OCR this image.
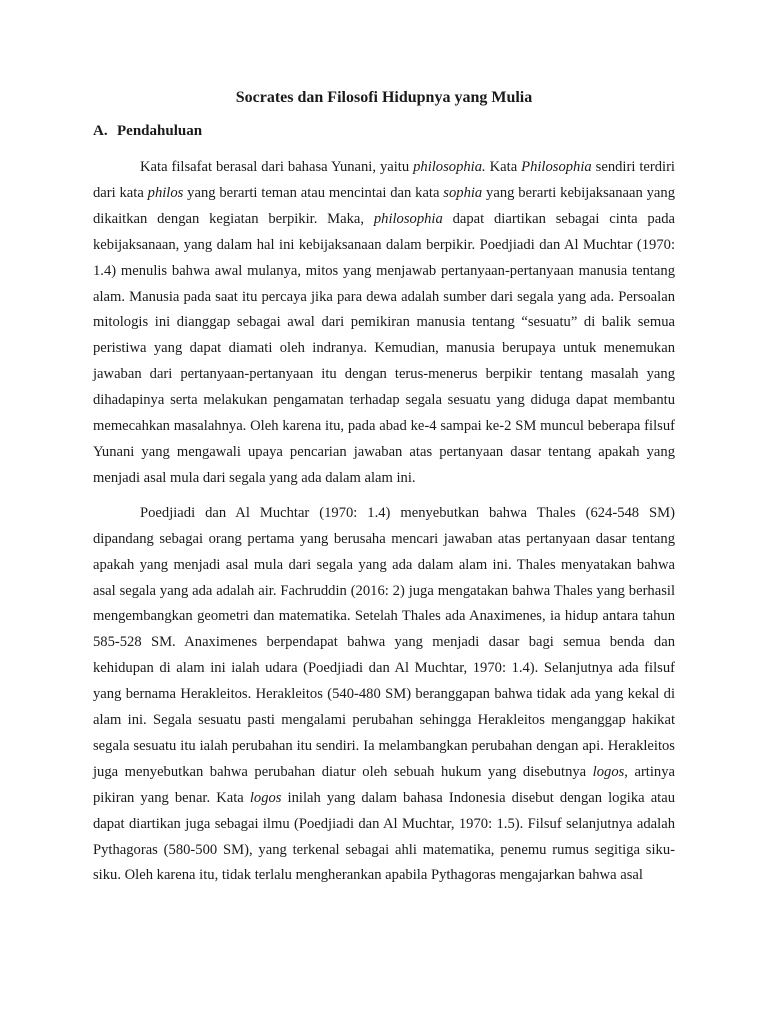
Socrates dan Filosofi Hidupnya yang Mulia
A. Pendahuluan

Kata filsafat berasal dari bahasa Yunani, yaitu philosophia. Kata Philosophia sendiri terdiri dari kata philos yang berarti teman atau mencintai dan kata sophia yang berarti kebijaksanaan yang dikaitkan dengan kegiatan berpikir. Maka, philosophia dapat diartikan sebagai cinta pada kebijaksanaan, yang dalam hal ini kebijaksanaan dalam berpikir. Poedjiadi dan Al Muchtar (1970: 1.4) menulis bahwa awal mulanya, mitos yang menjawab pertanyaan-pertanyaan manusia tentang alam. Manusia pada saat itu percaya jika para dewa adalah sumber dari segala yang ada. Persoalan mitologis ini dianggap sebagai awal dari pemikiran manusia tentang “sesuatu” di balik semua peristiwa yang dapat diamati oleh indranya. Kemudian, manusia berupaya untuk menemukan jawaban dari pertanyaan-pertanyaan itu dengan terus-menerus berpikir tentang masalah yang dihadapinya serta melakukan pengamatan terhadap segala sesuatu yang diduga dapat membantu memecahkan masalahnya. Oleh karena itu, pada abad ke-4 sampai ke-2 SM muncul beberapa filsuf Yunani yang mengawali upaya pencarian jawaban atas pertanyaan dasar tentang apakah yang menjadi asal mula dari segala yang ada dalam alam ini.

Poedjiadi dan Al Muchtar (1970: 1.4) menyebutkan bahwa Thales (624-548 SM) dipandang sebagai orang pertama yang berusaha mencari jawaban atas pertanyaan dasar tentang apakah yang menjadi asal mula dari segala yang ada dalam alam ini. Thales menyatakan bahwa asal segala yang ada adalah air. Fachruddin (2016: 2) juga mengatakan bahwa Thales yang berhasil mengembangkan geometri dan matematika. Setelah Thales ada Anaximenes, ia hidup antara tahun 585-528 SM. Anaximenes berpendapat bahwa yang menjadi dasar bagi semua benda dan kehidupan di alam ini ialah udara (Poedjiadi dan Al Muchtar, 1970: 1.4). Selanjutnya ada filsuf yang bernama Herakleitos. Herakleitos (540-480 SM) beranggapan bahwa tidak ada yang kekal di alam ini. Segala sesuatu pasti mengalami perubahan sehingga Herakleitos menganggap hakikat segala sesuatu itu ialah perubahan itu sendiri. Ia melambangkan perubahan dengan api. Herakleitos juga menyebutkan bahwa perubahan diatur oleh sebuah hukum yang disebutnya logos, artinya pikiran yang benar. Kata logos inilah yang dalam bahasa Indonesia disebut dengan logika atau dapat diartikan juga sebagai ilmu (Poedjiadi dan Al Muchtar, 1970: 1.5). Filsuf selanjutnya adalah Pythagoras (580-500 SM), yang terkenal sebagai ahli matematika, penemu rumus segitiga siku-siku. Oleh karena itu, tidak terlalu mengherankan apabila Pythagoras mengajarkan bahwa asal
